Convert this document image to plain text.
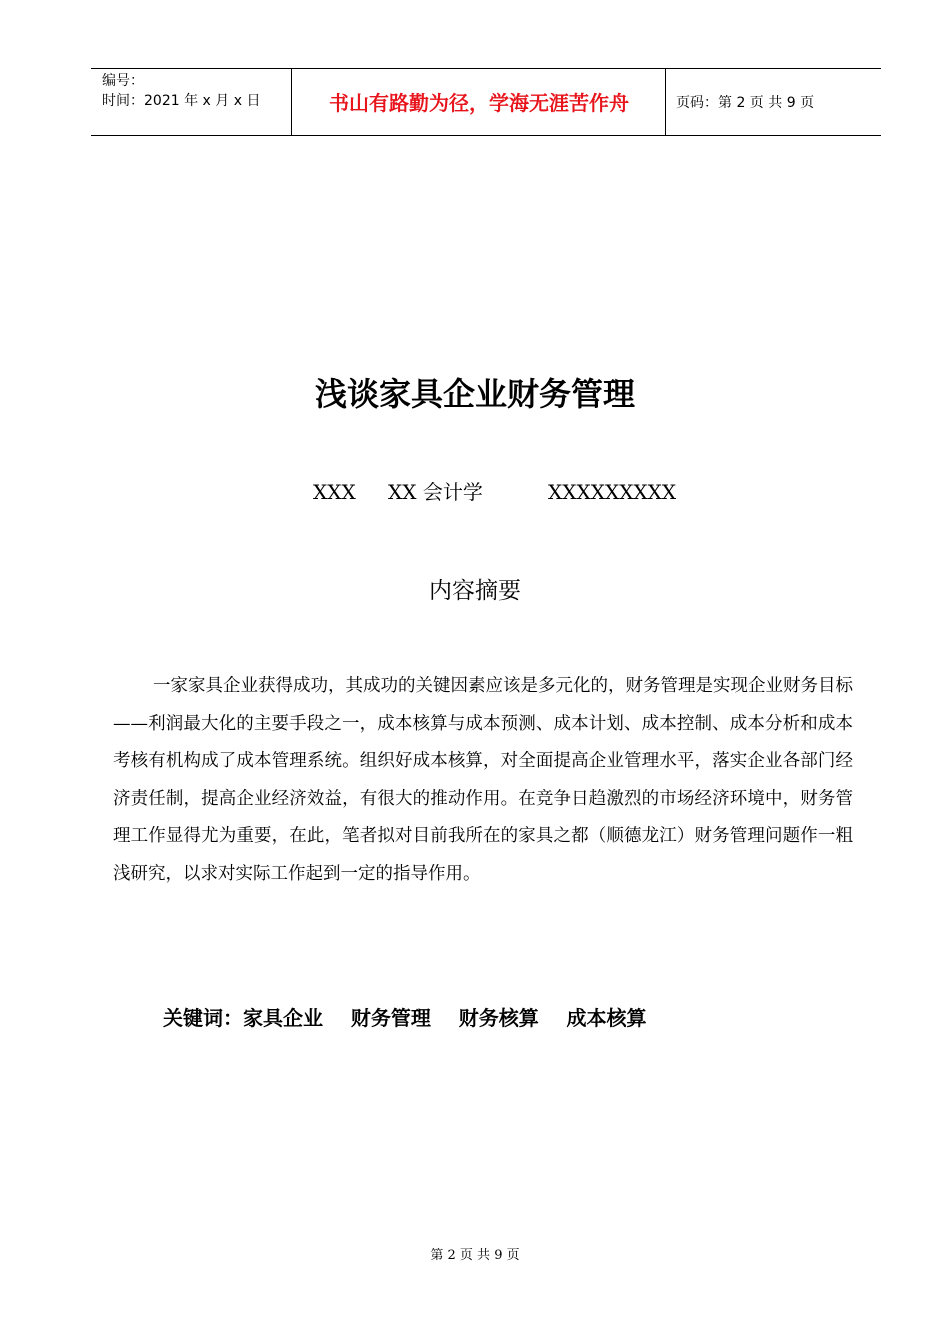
编号：
时间：2021 年 x 月 x 日	书山有路勤为径，学海无涯苦作舟	页码：第 2 页 共 9 页
浅谈家具企业财务管理
XXX XX 会计学	XXXXXXXXX
内容摘要

一家家具企业获得成功，其成功的关键因素应该是多元化的，财务管理是实现企业财务目标——利润最大化的主要手段之一，成本核算与成本预测、成本计划、成本控制、成本分析和成本考核有机构成了成本管理系统。组织好成本核算，对全面提高企业管理水平，落实企业各部门经济责任制，提高企业经济效益，有很大的推动作用。在竞争日趋激烈的市场经济环境中，财务管理工作显得尤为重要，在此，笔者拟对目前我所在的家具之都（顺德龙江）财务管理问题作一粗浅研究，以求对实际工作起到一定的指导作用。

关键词：家具企业    财务管理    财务核算    成本核算
第 2 页 共 9 页
